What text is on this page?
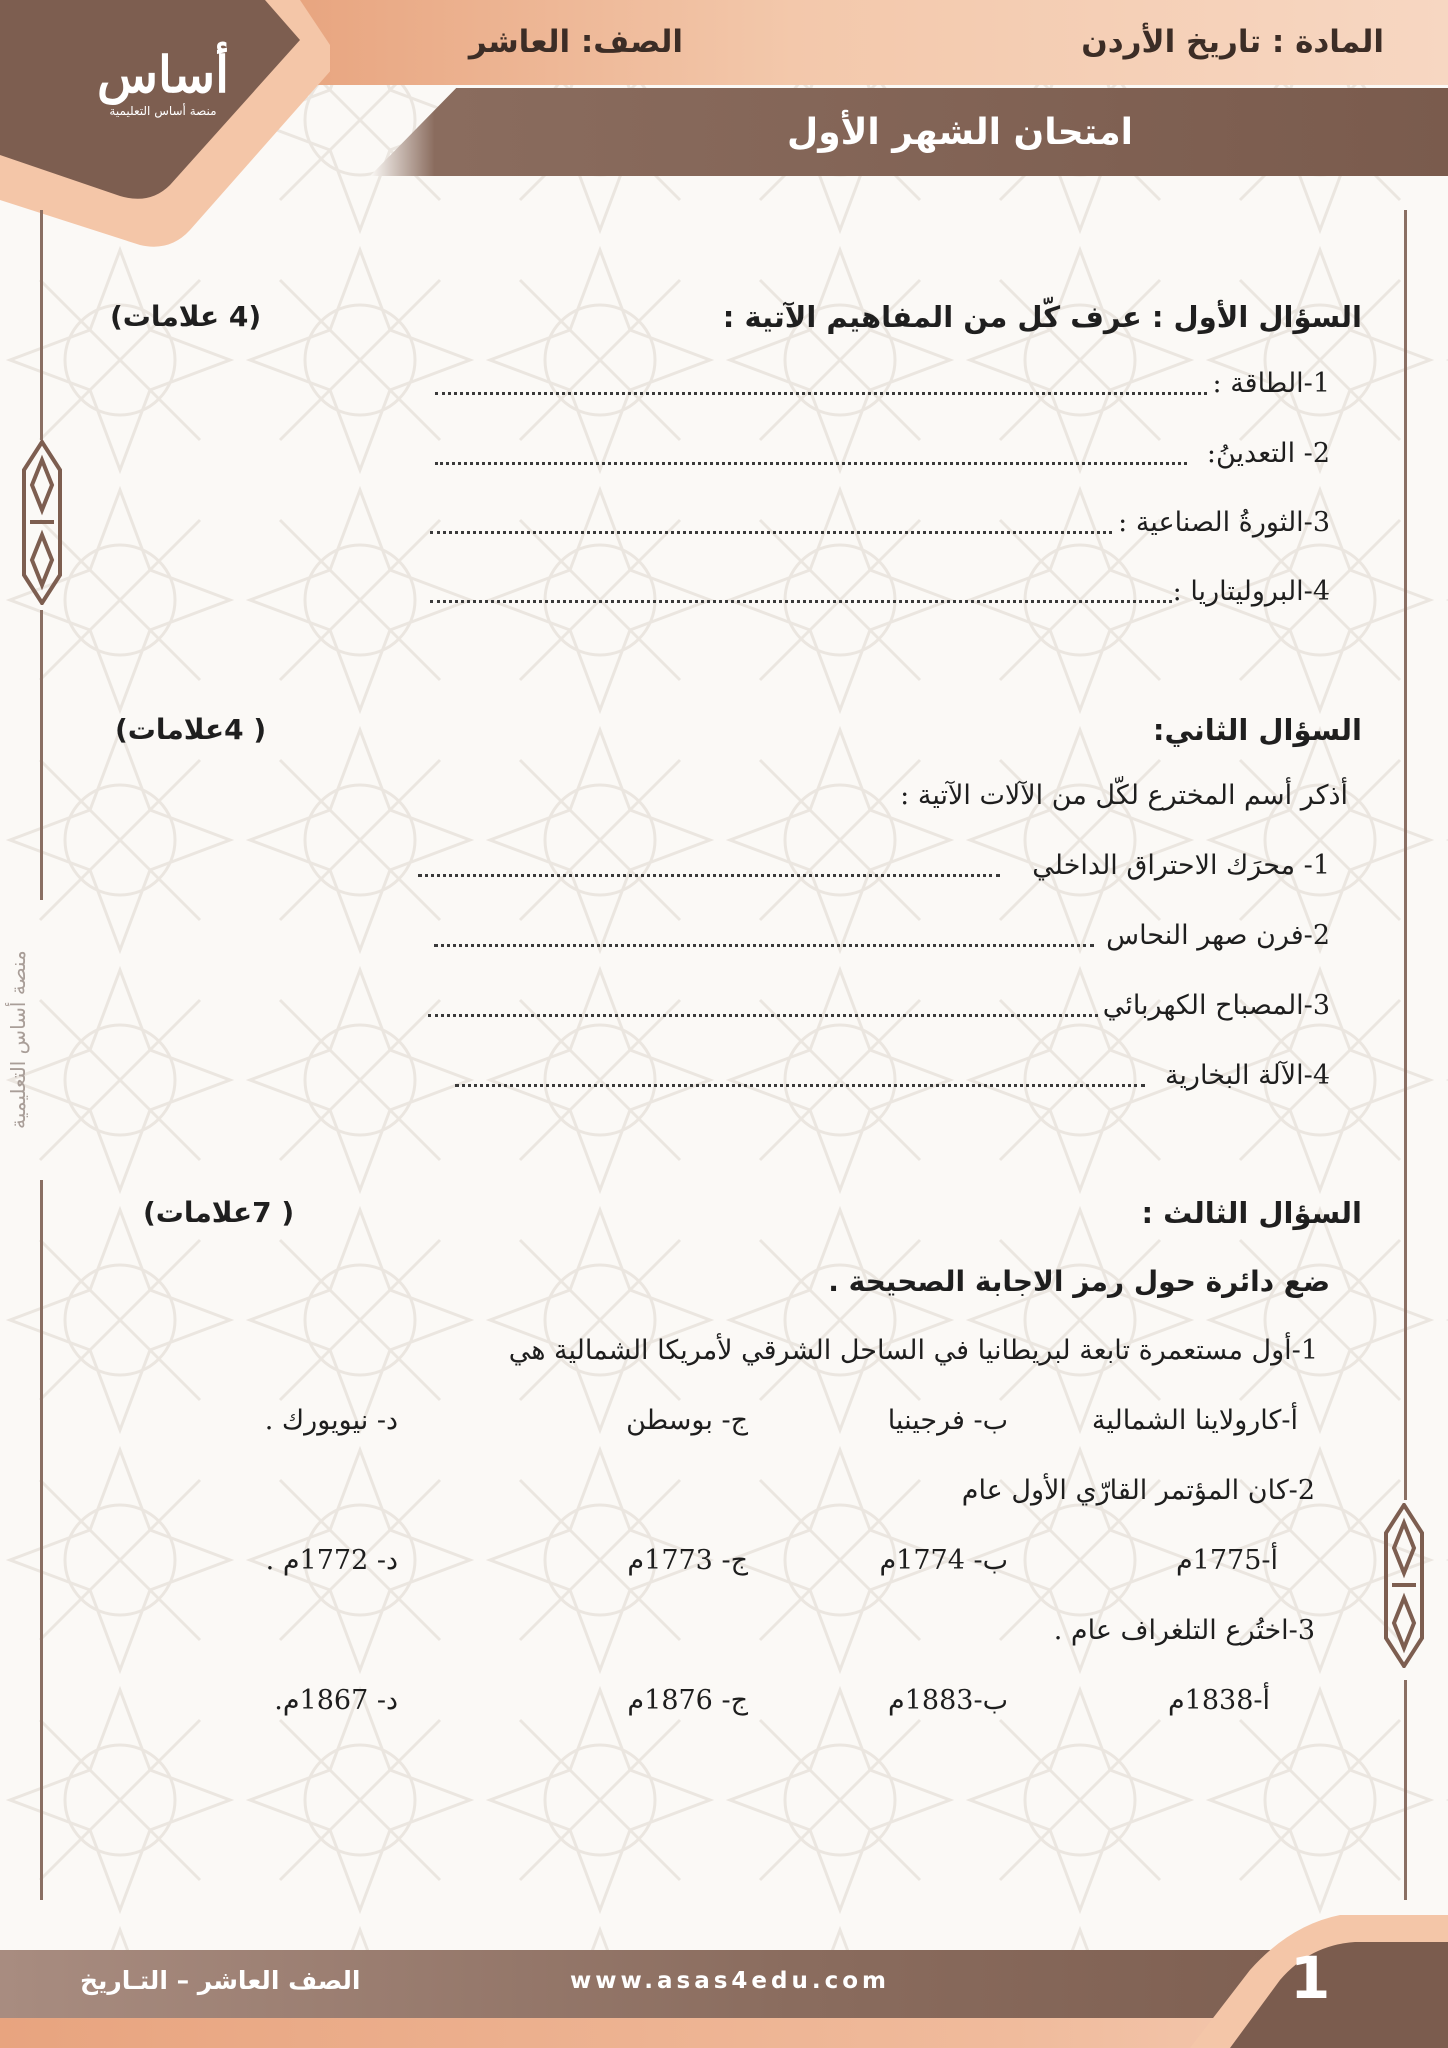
أساس
منصة أساس التعليمية
المادة : تاريخ الأردن
الصف: العاشر
امتحان الشهر الأول
منصة أساس التعليمية
السؤال الأول : عرف كّل من المفاهيم الآتية :
(4 علامات)
1-الطاقة :
2- التعدينُ:
3-الثورةُ الصناعية :
4-البروليتاريا :
السؤال الثاني:
( 4علامات)
أذكر أسم المخترع لكّل من الآلات الآتية :
1- محرَك الاحتراق الداخلي
2-فرن صهر النحاس
3-المصباح الكهربائي
4-الآلة البخارية
السؤال الثالث :
( 7علامات)
ضع دائرة حول رمز الاجابة الصحيحة .
1-أول مستعمرة تابعة لبريطانيا في الساحل الشرقي لأمريكا الشمالية هي
أ-كارولاينا الشمالية
ب- فرجينيا
ج- بوسطن
د- نيويورك .
2-كان المؤتمر القارّي الأول عام
أ-1775م
ب- 1774م
ج- 1773م
د- 1772م .
3-اختُرع التلغراف عام .
أ-1838م
ب-1883م
ج- 1876م
د- 1867م.
الصف العاشر – التـاريخ	www.asas4edu.com	1
